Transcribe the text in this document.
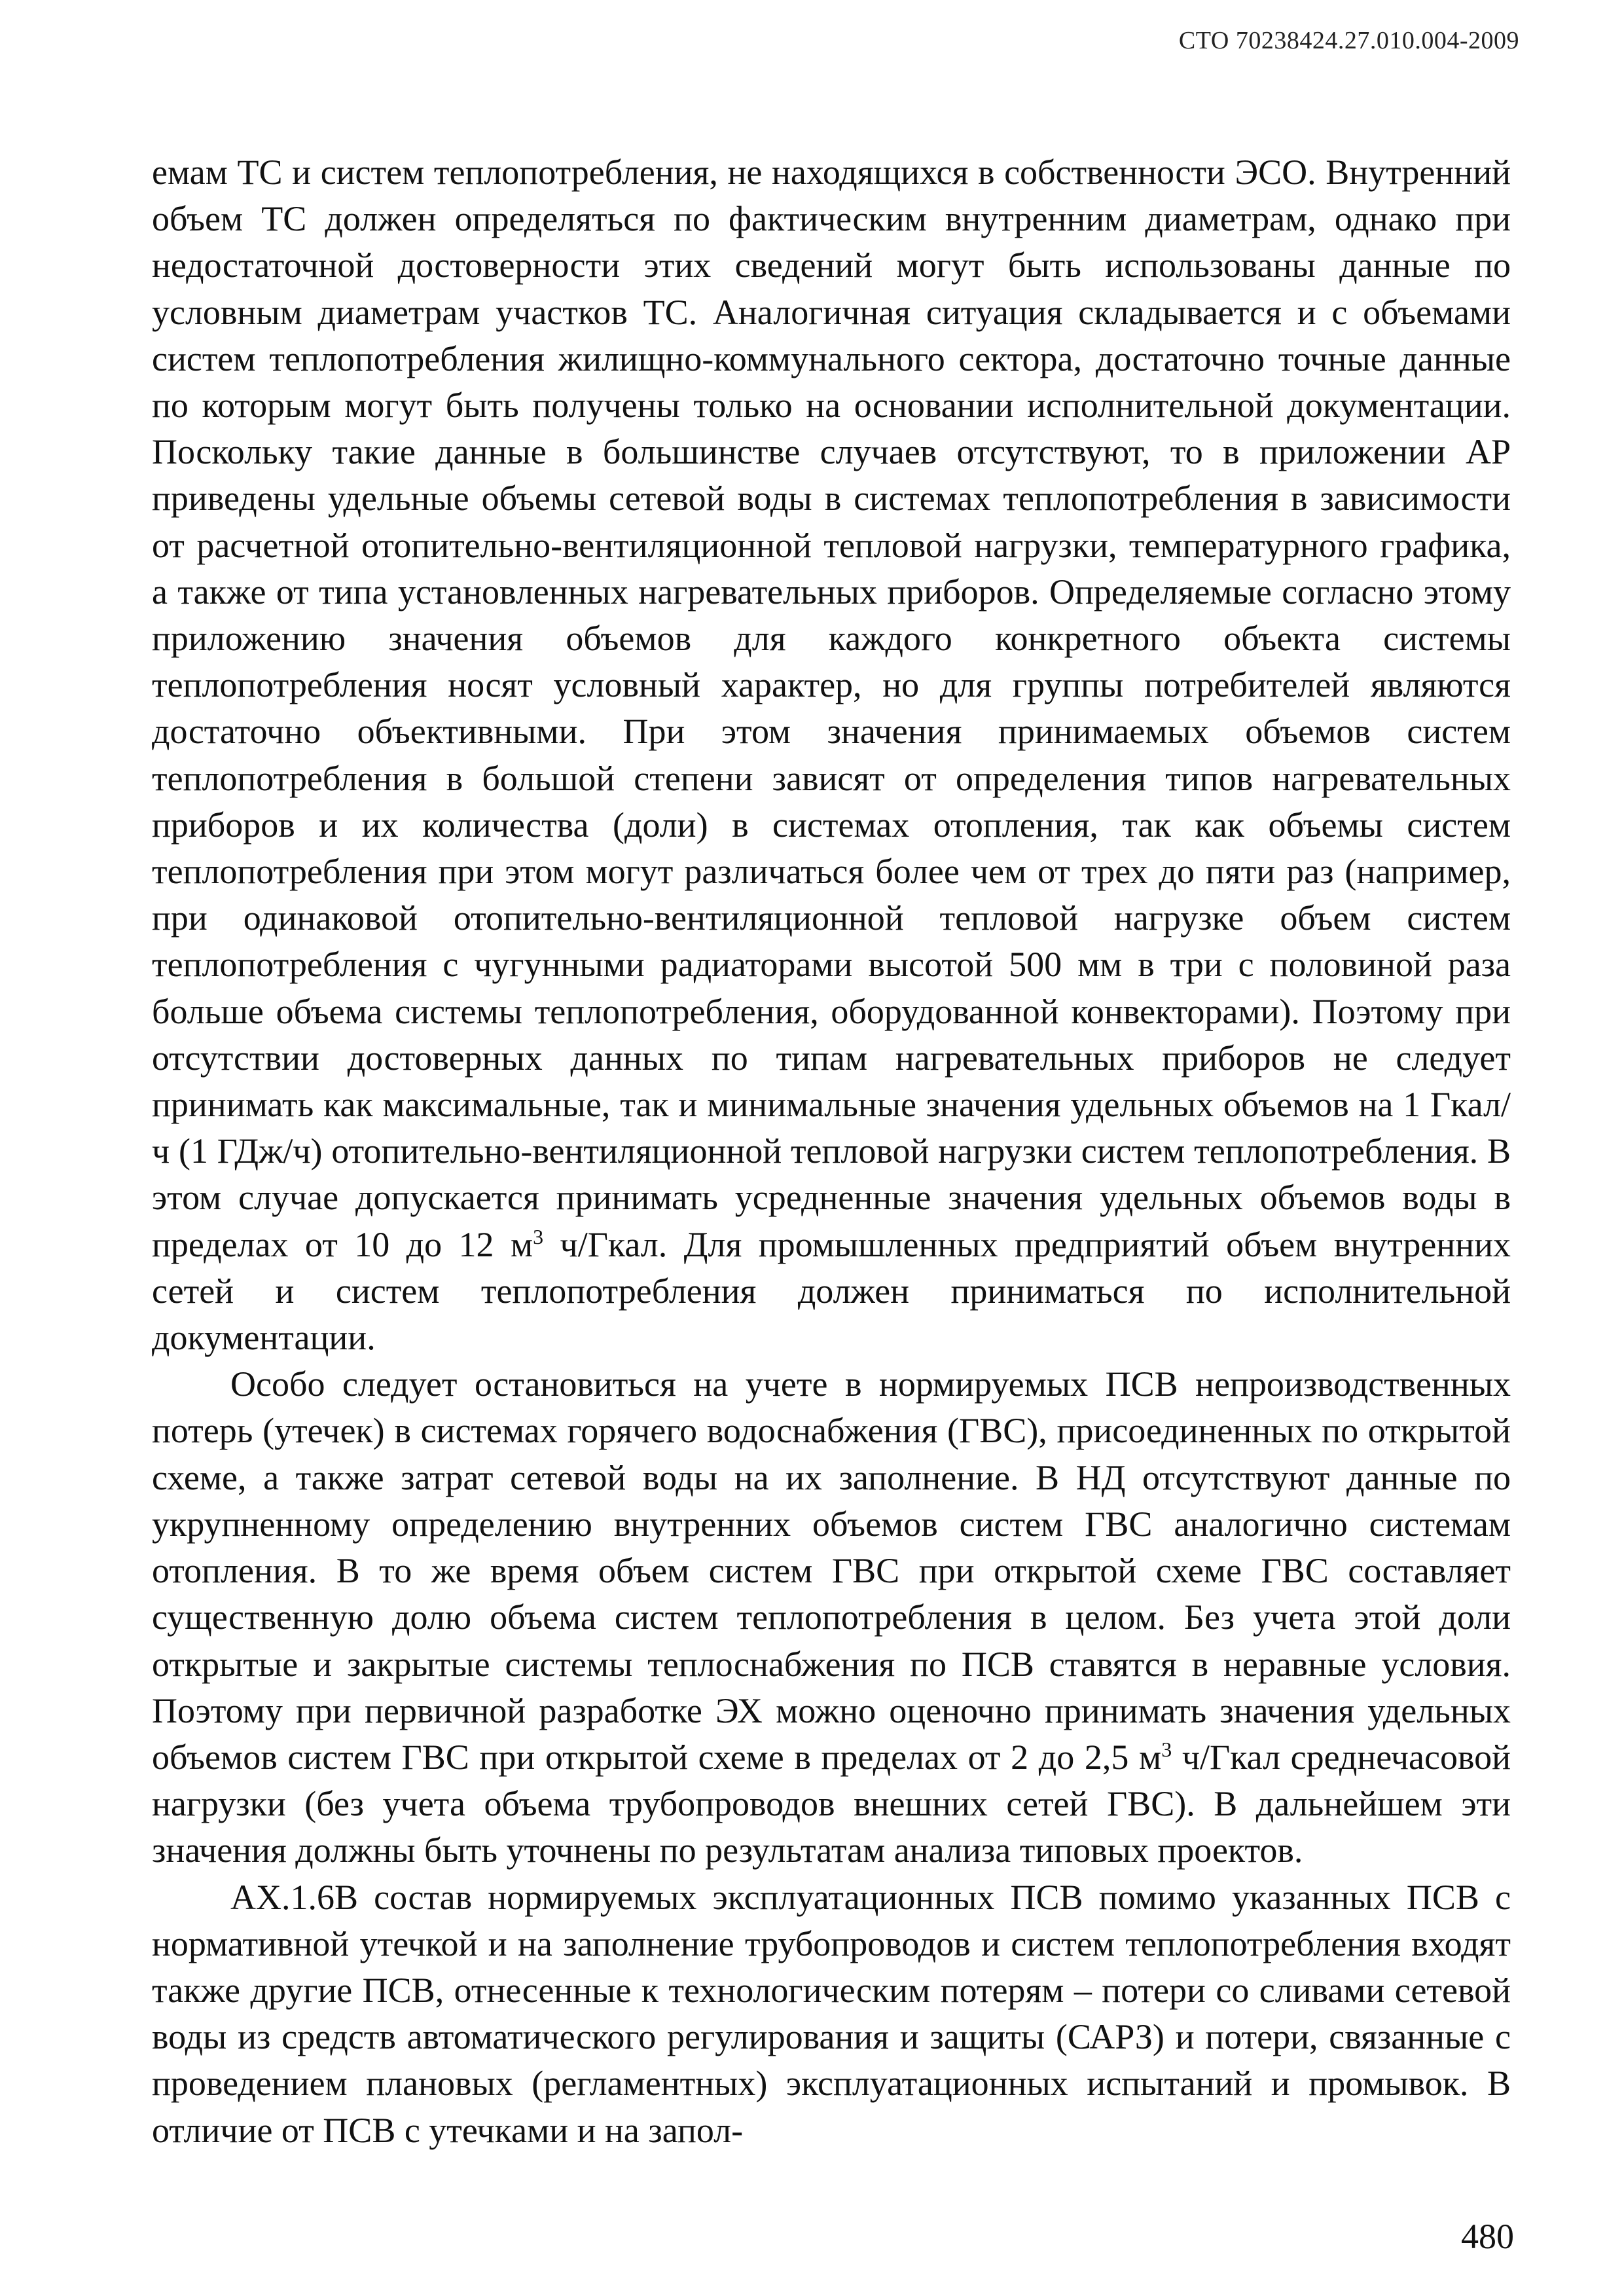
СТО 70238424.27.010.004-2009

емам ТС и систем теплопотребления, не находящихся в собственности ЭСО. Внутренний объем ТС должен определяться по фактическим внутренним диаметрам, однако при недостаточной достоверности этих сведений могут быть использованы данные по условным диаметрам участков ТС. Аналогичная ситуация складывается и с объемами систем теплопотребления жилищно-коммунального сектора, достаточно точные данные по которым могут быть получены только на основании исполнительной документации. Поскольку такие данные в большинстве случаев отсутствуют, то в приложении АР приведены удельные объемы сетевой воды в системах теплопотребления в зависимости от расчетной отопительно-вентиляционной тепловой нагрузки, температурного графика, а также от типа установленных нагревательных приборов. Определяемые согласно этому приложению значения объемов для каждого конкретного объекта системы теплопотребления носят условный характер, но для группы потребителей являются достаточно объективными. При этом значения принимаемых объемов систем теплопотребления в большой степени зависят от определения типов нагревательных приборов и их количества (доли) в системах отопления, так как объемы систем теплопотребления при этом могут различаться более чем от трех до пяти раз (например, при одинаковой отопительно-вентиляционной тепловой нагрузке объем систем теплопотребления с чугунными радиаторами высотой 500 мм в три с половиной раза больше объема системы теплопотребления, оборудованной конвекторами). Поэтому при отсутствии достоверных данных по типам нагревательных приборов не следует принимать как максимальные, так и минимальные значения удельных объемов на 1 Гкал/ч (1 ГДж/ч) отопительно-вентиляционной тепловой нагрузки систем теплопотребления. В этом случае допускается принимать усредненные значения удельных объемов воды в пределах от 10 до 12 $м^3$ ч/Гкал. Для промышленных предприятий объем внутренних сетей и систем теплопотребления должен приниматься по исполнительной документации.

Особо следует остановиться на учете в нормируемых ПСВ непроизводственных потерь (утечек) в системах горячего водоснабжения (ГВС), присоединенных по открытой схеме, а также затрат сетевой воды на их заполнение. В НД отсутствуют данные по укрупненному определению внутренних объемов систем ГВС аналогично системам отопления. В то же время объем систем ГВС при открытой схеме ГВС составляет существенную долю объема систем теплопотребления в целом. Без учета этой доли открытые и закрытые системы теплоснабжения по ПСВ ставятся в неравные условия. Поэтому при первичной разработке ЭХ можно оценочно принимать значения удельных объемов систем ГВС при открытой схеме в пределах от 2 до 2,5 $м^3$ ч/Гкал среднечасовой нагрузки (без учета объема трубопроводов внешних сетей ГВС). В дальнейшем эти значения должны быть уточнены по результатам анализа типовых проектов.

АХ.1.6В состав нормируемых эксплуатационных ПСВ помимо указанных ПСВ с нормативной утечкой и на заполнение трубопроводов и систем теплопотребления входят также другие ПСВ, отнесенные к технологическим потерям – потери со сливами сетевой воды из средств автоматического регулирования и защиты (САРЗ) и потери, связанные с проведением плановых (регламентных) эксплуатационных испытаний и промывок. В отличие от ПСВ с утечками и на запол-

480
